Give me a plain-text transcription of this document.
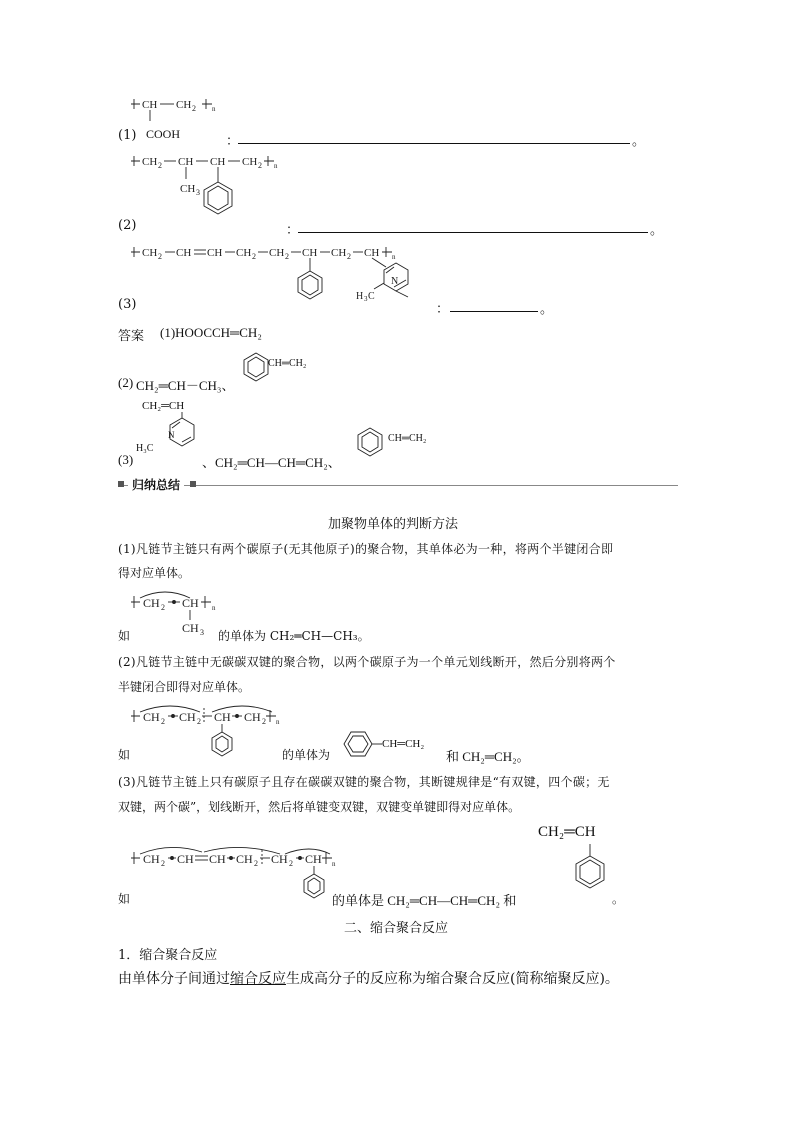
CH CH 2 n
(1) COOH	：	。
CH 2 CH CH CH 2 n
CH 3
(2)	：	。
CH 2 CH CH CH 2 CH 2 CH CH 2 CH n
N
H 3 C
(3)	：	。
答案 (1)HOOCCH═CH₂
(2) CH₂═CH－CH₃、
CH═CH₂
CH₂═CH
N
H₃C
(3)	、CH₂═CH—CH═CH₂、
CH═CH₂
归纳总结
加聚物单体的判断方法
(1)凡链节主链只有两个碳原子(无其他原子)的聚合物，其单体必为一种，将两个半键闭合即
得对应单体。
CH 2 CH n
CH 3
如	的单体为 CH₂═CH—CH₃。
(2)凡链节主链中无碳碳双键的聚合物，以两个碳原子为一个单元划线断开，然后分别将两个
半键闭合即得对应单体。
CH 2 CH 2 CH CH 2 n
如	的单体为
CH═CH₂
和 CH₂═CH₂。
(3)凡链节主链上只有碳原子且存在碳碳双键的聚合物，其断键规律是“有双键，四个碳；无
双键，两个碳”，划线断开，然后将单键变双键，双键变单键即得对应单体。
CH 2 CH CH CH 2 CH 2 CH n
CH₂═CH
如	的单体是 CH₂═CH—CH═CH₂ 和	。
二、缩合聚合反应
1．缩合聚合反应
由单体分子间通过缩合反应生成高分子的反应称为缩合聚合反应(简称缩聚反应)。
